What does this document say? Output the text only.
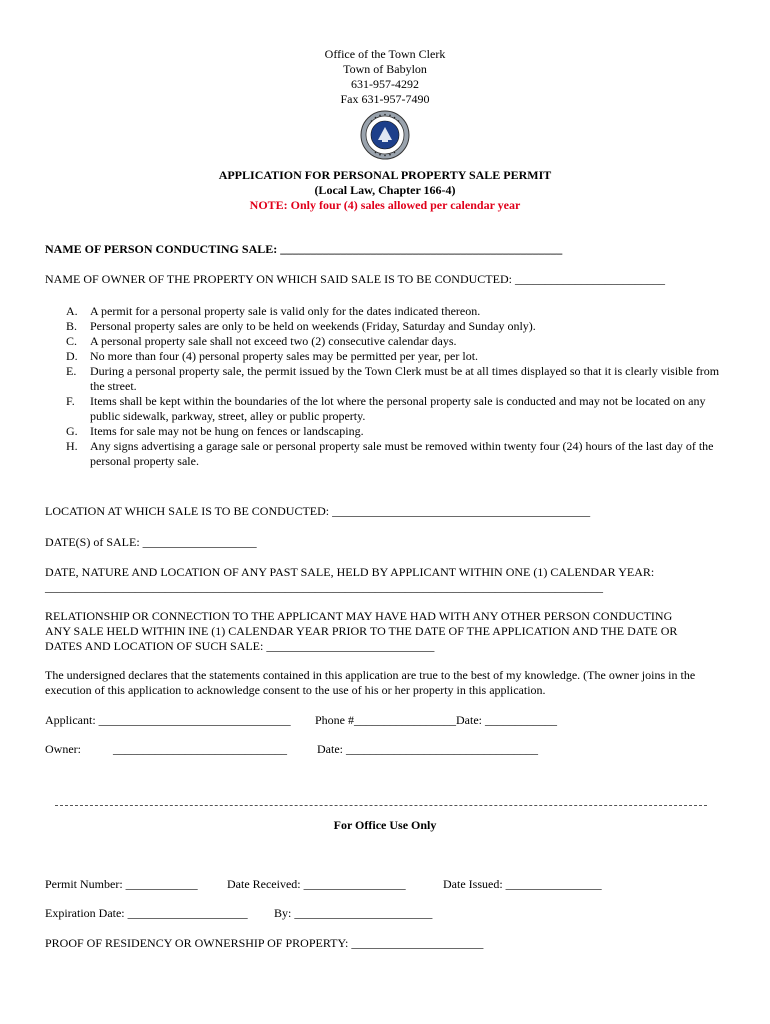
Office of the Town Clerk
Town of Babylon
631-957-4292
Fax 631-957-7490
APPLICATION FOR PERSONAL PROPERTY SALE PERMIT
(Local Law, Chapter 166-4)
NOTE: Only four (4) sales allowed per calendar year
NAME OF PERSON CONDUCTING SALE: _______________________________________________
NAME OF OWNER OF THE PROPERTY ON WHICH SAID SALE IS TO BE CONDUCTED: _________________________
A. A permit for a personal property sale is valid only for the dates indicated thereon.
B. Personal property sales are only to be held on weekends (Friday, Saturday and Sunday only).
C. A personal property sale shall not exceed two (2) consecutive calendar days.
D. No more than four (4) personal property sales may be permitted per year, per lot.
E. During a personal property sale, the permit issued by the Town Clerk must be at all times displayed so that it is clearly visible from the street.
F. Items shall be kept within the boundaries of the lot where the personal property sale is conducted and may not be located on any public sidewalk, parkway, street, alley or public property.
G. Items for sale may not be hung on fences or landscaping.
H. Any signs advertising a garage sale or personal property sale must be removed within twenty four (24) hours of the last day of the personal property sale.
LOCATION AT WHICH SALE IS TO BE CONDUCTED: ___________________________________________
DATE(S) of SALE: ___________________
DATE, NATURE AND LOCATION OF ANY PAST SALE, HELD BY APPLICANT WITHIN ONE (1) CALENDAR YEAR:
_____________________________________________________________________________________________
RELATIONSHIP OR CONNECTION TO THE APPLICANT MAY HAVE HAD WITH ANY OTHER PERSON CONDUCTING
ANY SALE HELD WITHIN INE (1) CALENDAR YEAR PRIOR TO THE DATE OF THE APPLICATION AND THE DATE OR
DATES AND LOCATION OF SUCH SALE: ____________________________
The undersigned declares that the statements contained in this application are true to the best of my knowledge. (The owner joins in the execution of this application to acknowledge consent to the use of his or her property in this application.
Applicant: ________________________________ Phone #_________________Date: ____________
Owner:	_____________________________	Date: ________________________________
For Office Use Only
Permit Number: ____________ Date Received: _________________	Date Issued: ________________
Expiration Date: ____________________ By: _______________________
PROOF OF RESIDENCY OR OWNERSHIP OF PROPERTY: ______________________
